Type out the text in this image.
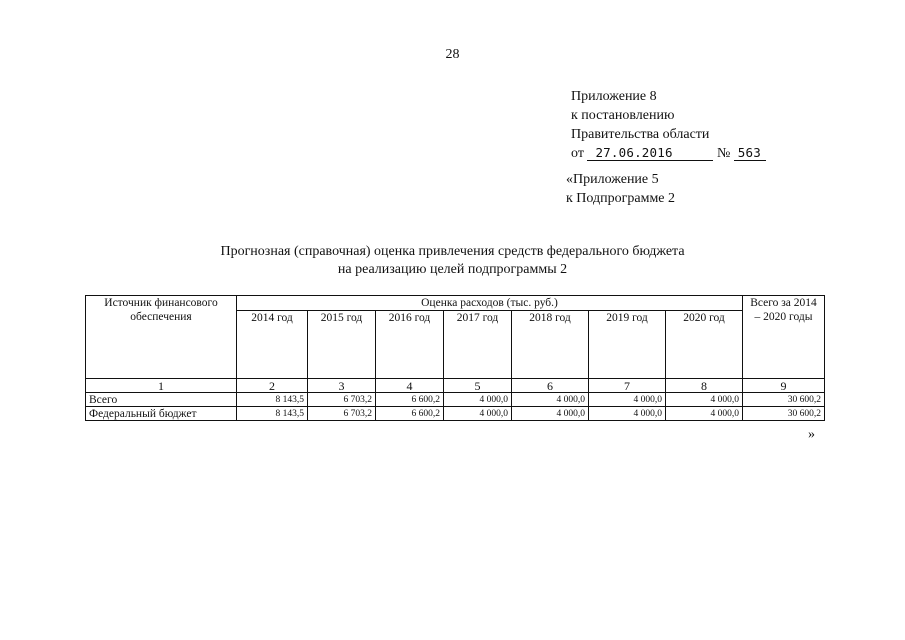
28
Приложение 8
к постановлению
Правительства области
от 27.06.2016	№ 563
«Приложение 5
к Подпрограмме 2
Прогнозная (справочная) оценка привлечения средств федерального бюджета
на реализацию целей подпрограммы 2
Источник финансового обеспечения	Оценка расходов (тыс. руб.)							Всего за 2014 – 2020 годы
	2014 год	2015 год	2016 год	2017 год	2018 год	2019 год	2020 год	
1	2	3	4	5	6	7	8	9
Всего	8 143,5	6 703,2	6 600,2	4 000,0	4 000,0	4 000,0	4 000,0	30 600,2
Федеральный бюджет	8 143,5	6 703,2	6 600,2	4 000,0	4 000,0	4 000,0	4 000,0	30 600,2
»
